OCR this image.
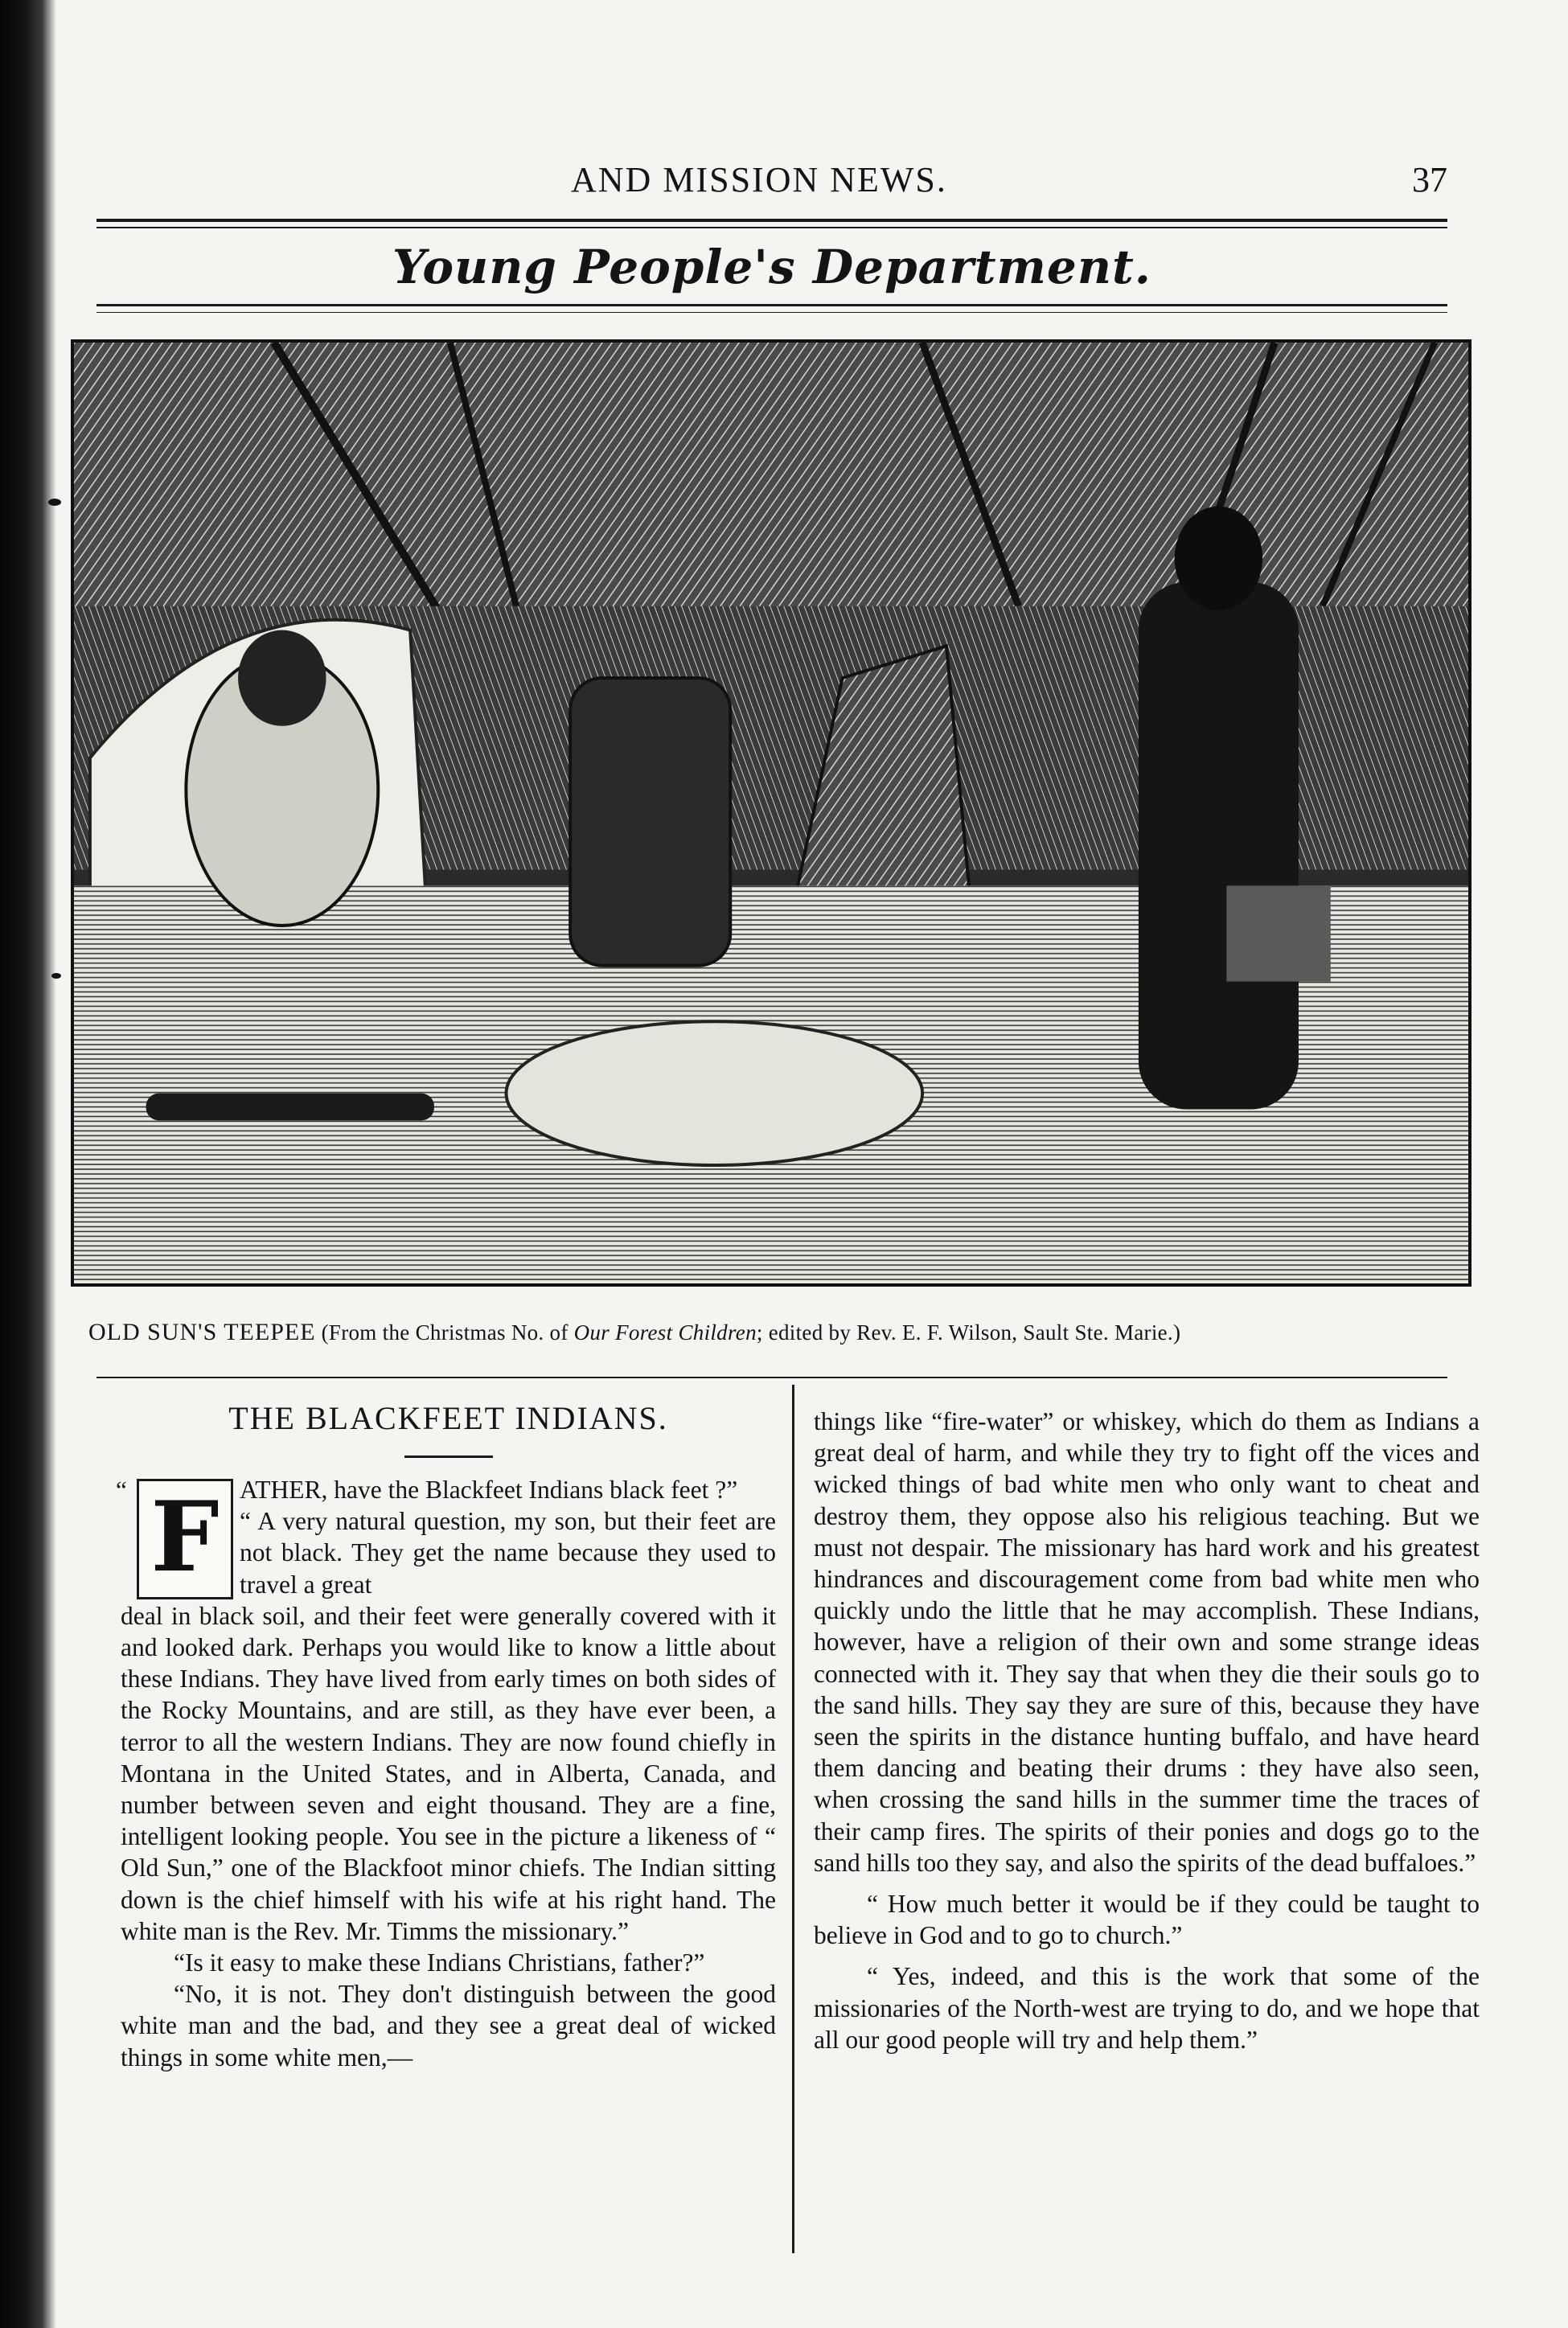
AND MISSION NEWS.	37
Young People's Department.
OLD SUN'S TEEPEE (From the Christmas No. of Our Forest Children; edited by Rev. E. F. Wilson, Sault Ste. Marie.)
THE BLACKFEET INDIANS.
“ F ATHER, have the Blackfeet Indians black feet ?”

“ A very natural question, my son, but their feet are not black. They get the name because they used to travel a great

deal in black soil, and their feet were generally covered with it and looked dark. Perhaps you would like to know a little about these Indians. They have lived from early times on both sides of the Rocky Mountains, and are still, as they have ever been, a terror to all the western Indians. They are now found chiefly in Montana in the United States, and in Alberta, Canada, and number between seven and eight thousand. They are a fine, intelligent looking people. You see in the picture a likeness of “ Old Sun,” one of the Blackfoot minor chiefs. The Indian sitting down is the chief himself with his wife at his right hand. The white man is the Rev. Mr. Timms the missionary.”

“Is it easy to make these Indians Christians, father?”

“No, it is not. They don't distinguish between the good white man and the bad, and they see a great deal of wicked things in some white men,—

things like “fire-water” or whiskey, which do them as Indians a great deal of harm, and while they try to fight off the vices and wicked things of bad white men who only want to cheat and destroy them, they oppose also his religious teaching. But we must not despair. The missionary has hard work and his greatest hindrances and discouragement come from bad white men who quickly undo the little that he may accomplish. These Indians, however, have a religion of their own and some strange ideas connected with it. They say that when they die their souls go to the sand hills. They say they are sure of this, because they have seen the spirits in the distance hunting buffalo, and have heard them dancing and beating their drums : they have also seen, when crossing the sand hills in the summer time the traces of their camp fires. The spirits of their ponies and dogs go to the sand hills too they say, and also the spirits of the dead buffaloes.”

“ How much better it would be if they could be taught to believe in God and to go to church.”

“ Yes, indeed, and this is the work that some of the missionaries of the North-west are trying to do, and we hope that all our good people will try and help them.”
